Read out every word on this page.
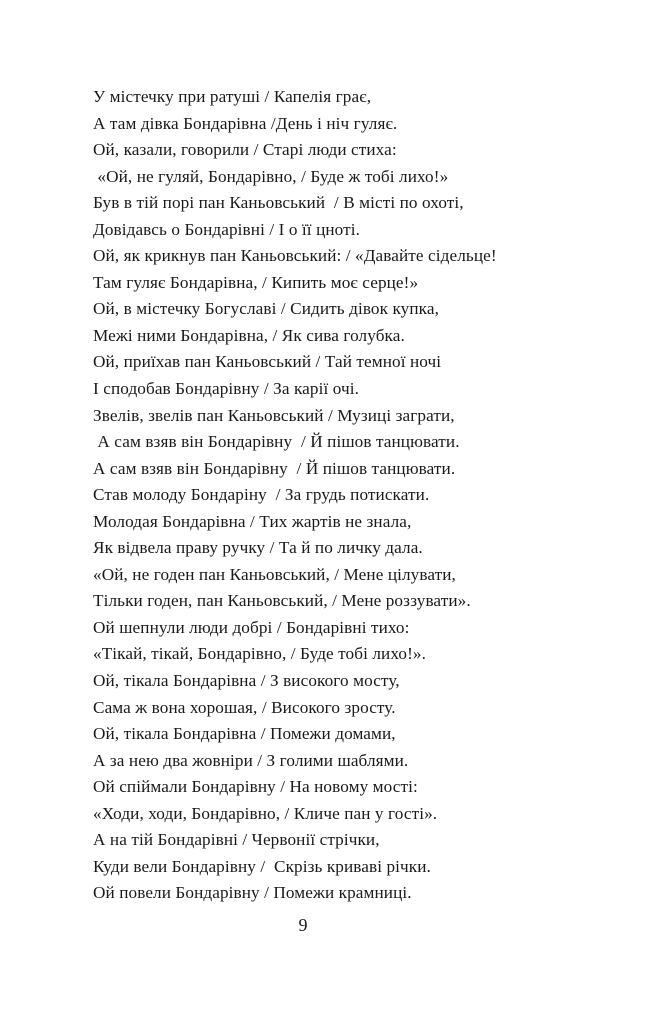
У містечку при ратуші / Капелія грає,
А там дівка Бондарівна /День і ніч гуляє.
Ой, казали, говорили / Старі люди стиха:
«Ой, не гуляй, Бондарівно, / Буде ж тобі лихо!»
Був в тій порі пан Каньовський  / В місті по охоті,
Довідавсь о Бондарівні / І о її цноті.
Ой, як крикнув пан Каньовський: / «Давайте сідельце!
Там гуляє Бондарівна, / Кипить моє серце!»
Ой, в містечку Богуславі / Сидить дівок купка,
Межі ними Бондарівна, / Як сива голубка.
Ой, приїхав пан Каньовський / Тай темної ночі
І сподобав Бондарівну / За карії очі.
Звелів, звелів пан Каньовський / Музиці заграти,
А сам взяв він Бондарівну  / Й пішов танцювати.
А сам взяв він Бондарівну  / Й пішов танцювати.
Став молоду Бондаріну  / За грудь потискати.
Молодая Бондарівна / Тих жартів не знала,
Як відвела праву ручку / Та й по личку дала.
«Ой, не годен пан Каньовський, / Мене цілувати,
Тільки годен, пан Каньовський, / Мене роззувати».
Ой шепнули люди добрі / Бондарівні тихо:
«Тікай, тікай, Бондарівно, / Буде тобі лихо!».
Ой, тікала Бондарівна / З високого мосту,
Сама ж вона хорошая, / Високого зросту.
Ой, тікала Бондарівна / Помежи домами,
А за нею два жовніри / З голими шаблями.
Ой спіймали Бондарівну / На новому мості:
«Ходи, ходи, Бондарівно, / Кличе пан у гості».
А на тій Бондарівні / Червонії стрічки,
Куди вели Бондарівну /  Скрізь криваві річки.
Ой повели Бондарівну / Помежи крамниці.
9
